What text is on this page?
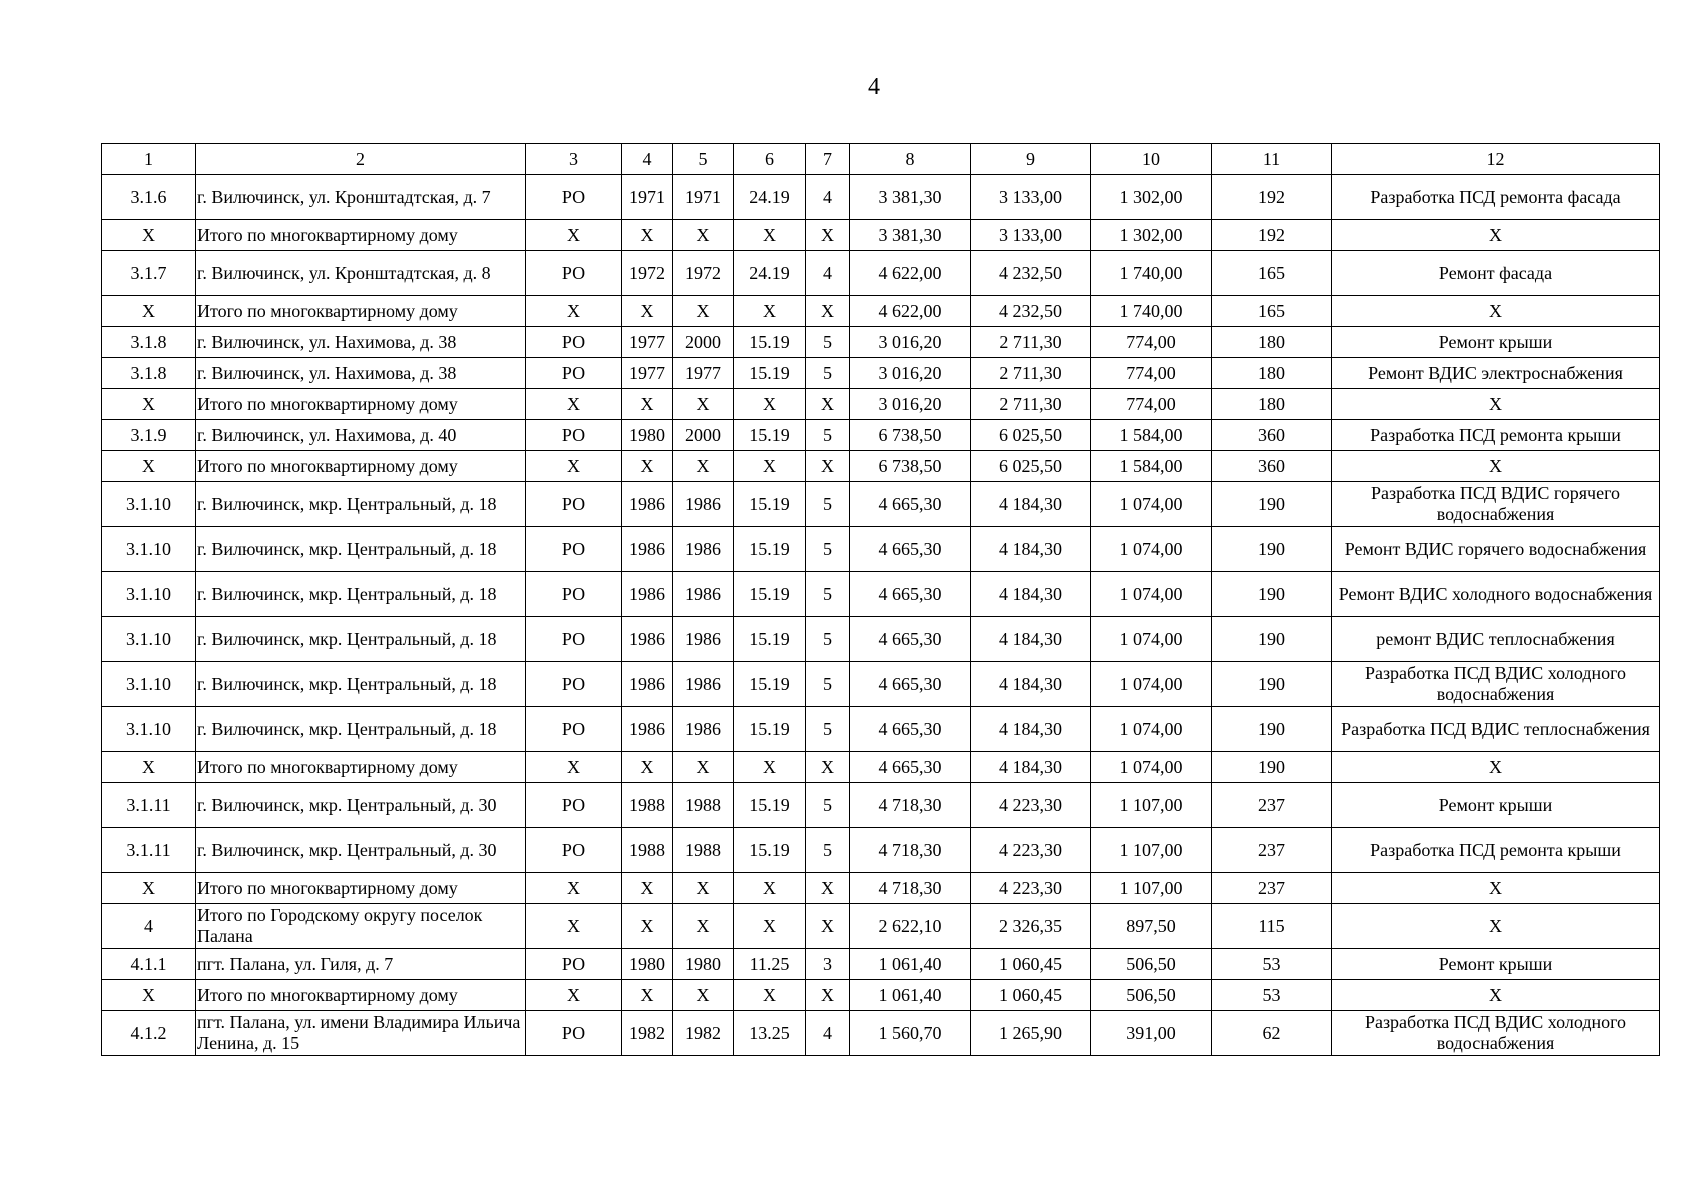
4
1	2	3	4	5	6	7	8	9	10	11	12
3.1.6	г. Вилючинск, ул. Кронштадтская, д. 7	РО	1971	1971	24.19	4	3 381,30	3 133,00	1 302,00	192	Разработка ПСД ремонта фасада
X	Итого по многоквартирному дому	X	X	X	X	X	3 381,30	3 133,00	1 302,00	192	X
3.1.7	г. Вилючинск, ул. Кронштадтская, д. 8	РО	1972	1972	24.19	4	4 622,00	4 232,50	1 740,00	165	Ремонт фасада
X	Итого по многоквартирному дому	X	X	X	X	X	4 622,00	4 232,50	1 740,00	165	X
3.1.8	г. Вилючинск, ул. Нахимова, д. 38	РО	1977	2000	15.19	5	3 016,20	2 711,30	774,00	180	Ремонт крыши
3.1.8	г. Вилючинск, ул. Нахимова, д. 38	РО	1977	1977	15.19	5	3 016,20	2 711,30	774,00	180	Ремонт ВДИС электроснабжения
X	Итого по многоквартирному дому	X	X	X	X	X	3 016,20	2 711,30	774,00	180	X
3.1.9	г. Вилючинск, ул. Нахимова, д. 40	РО	1980	2000	15.19	5	6 738,50	6 025,50	1 584,00	360	Разработка ПСД ремонта крыши
X	Итого по многоквартирному дому	X	X	X	X	X	6 738,50	6 025,50	1 584,00	360	X
3.1.10	г. Вилючинск, мкр. Центральный, д. 18	РО	1986	1986	15.19	5	4 665,30	4 184,30	1 074,00	190	Разработка ПСД ВДИС горячего водоснабжения
3.1.10	г. Вилючинск, мкр. Центральный, д. 18	РО	1986	1986	15.19	5	4 665,30	4 184,30	1 074,00	190	Ремонт ВДИС горячего водоснабжения
3.1.10	г. Вилючинск, мкр. Центральный, д. 18	РО	1986	1986	15.19	5	4 665,30	4 184,30	1 074,00	190	Ремонт ВДИС холодного водоснабжения
3.1.10	г. Вилючинск, мкр. Центральный, д. 18	РО	1986	1986	15.19	5	4 665,30	4 184,30	1 074,00	190	ремонт ВДИС теплоснабжения
3.1.10	г. Вилючинск, мкр. Центральный, д. 18	РО	1986	1986	15.19	5	4 665,30	4 184,30	1 074,00	190	Разработка ПСД ВДИС холодного водоснабжения
3.1.10	г. Вилючинск, мкр. Центральный, д. 18	РО	1986	1986	15.19	5	4 665,30	4 184,30	1 074,00	190	Разработка ПСД ВДИС теплоснабжения
X	Итого по многоквартирному дому	X	X	X	X	X	4 665,30	4 184,30	1 074,00	190	X
3.1.11	г. Вилючинск, мкр. Центральный, д. 30	РО	1988	1988	15.19	5	4 718,30	4 223,30	1 107,00	237	Ремонт крыши
3.1.11	г. Вилючинск, мкр. Центральный, д. 30	РО	1988	1988	15.19	5	4 718,30	4 223,30	1 107,00	237	Разработка ПСД ремонта крыши
X	Итого по многоквартирному дому	X	X	X	X	X	4 718,30	4 223,30	1 107,00	237	X
4	Итого по Городскому округу поселок Палана	X	X	X	X	X	2 622,10	2 326,35	897,50	115	X
4.1.1	пгт. Палана, ул. Гиля, д. 7	РО	1980	1980	11.25	3	1 061,40	1 060,45	506,50	53	Ремонт крыши
X	Итого по многоквартирному дому	X	X	X	X	X	1 061,40	1 060,45	506,50	53	X
4.1.2	пгт. Палана, ул. имени Владимира Ильича Ленина, д. 15	РО	1982	1982	13.25	4	1 560,70	1 265,90	391,00	62	Разработка ПСД ВДИС холодного водоснабжения
